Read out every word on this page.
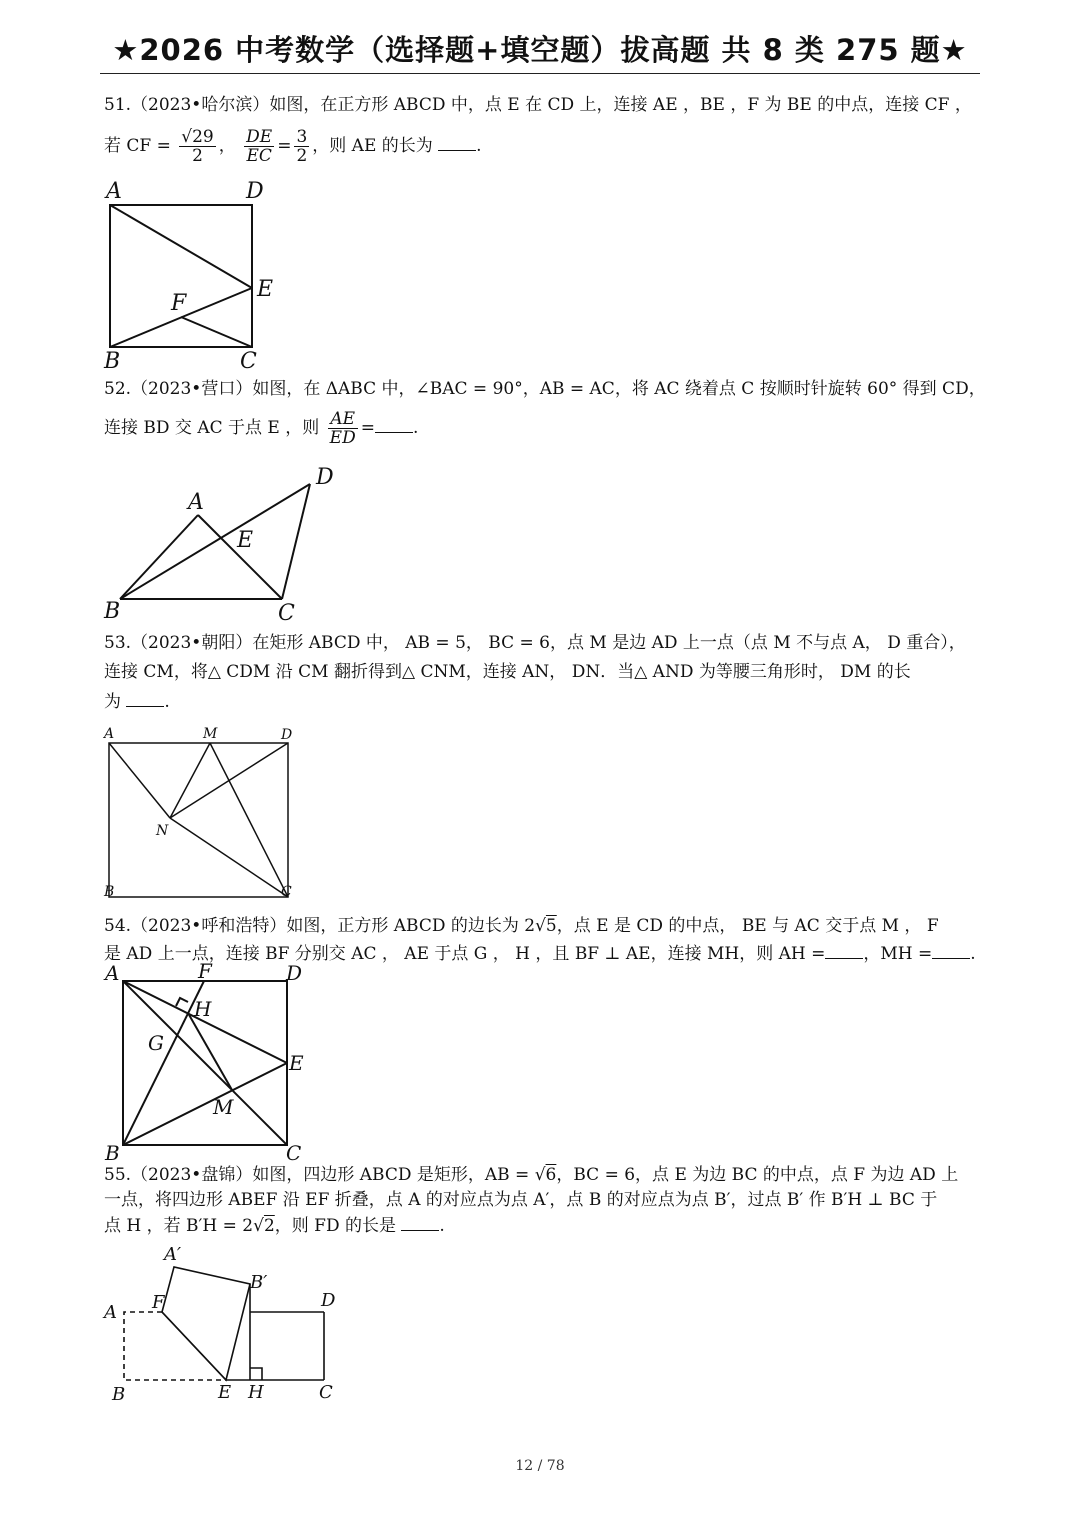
★2026 中考数学（选择题+填空题）拔高题 共 8 类 275 题★
51.（2023•哈尔滨）如图，在正方形 ABCD 中，点 E 在 CD 上，连接 AE ，BE ，F 为 BE 的中点，连接 CF ，
若 CF = $\frac{√29}{2}$ ， $\frac{DE}{EC} = \frac{3}{2}$ ，则 AE 的长为	.
A	D
E
F
B	C
52.（2023•营口）如图，在 ΔABC 中，∠BAC = 90°，AB = AC，将 AC 绕着点 C 按顺时针旋转 60° 得到 CD，
连接 BD 交 AC 于点 E ，则 $\frac{AE}{ED}$ = .
A
D
E
B	C
53.（2023•朝阳）在矩形 ABCD 中， AB = 5， BC = 6，点 M 是边 AD 上一点（点 M 不与点 A， D 重合），
连接 CM，将△ CDM 沿 CM 翻折得到△ CNM，连接 AN， DN．当△ AND 为等腰三角形时， DM 的长
为	.
A	M	D
N
B	C
54.（2023•呼和浩特）如图，正方形 ABCD 的边长为 2√5，点 E 是 CD 的中点， BE 与 AC 交于点 M ， F
是 AD 上一点，连接 BF 分别交 AC ， AE 于点 G ， H ，且 BF ⊥ AE，连接 MH，则 AH = ，MH = .
A	F	D
H
G
E
M
B	C
55.（2023•盘锦）如图，四边形 ABCD 是矩形，AB = √6，BC = 6，点 E 为边 BC 的中点，点 F 为边 AD 上
一点，将四边形 ABEF 沿 EF 折叠，点 A 的对应点为点 A′，点 B 的对应点为点 B′，过点 B′ 作 B′H ⊥ BC 于
点 H ，若 B′H = 2√2，则 FD 的长是	.
A′
B′
A F	D
B	E H	C
12 / 78
